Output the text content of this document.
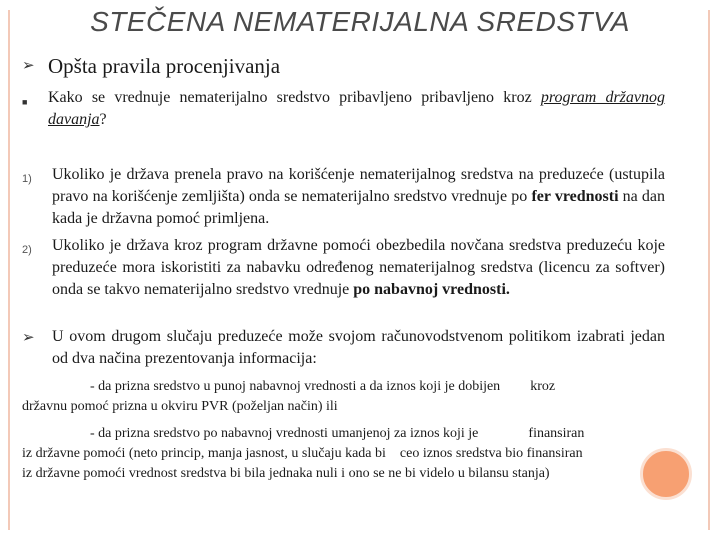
STEČENA NEMATERIJALNA SREDSTVA
➢ Opšta pravila procenjivanja
■ Kako se vrednuje nematerijalno sredstvo pribavljeno pribavljeno kroz program državnog davanja?
1) Ukoliko je država prenela pravo na korišćenje nematerijalnog sredstva na preduzeće (ustupila pravo na korišćenje zemljišta) onda se nematerijalno sredstvo vrednuje po fer vrednosti na dan kada je državna pomoć primljena.
2) Ukoliko je država kroz program državne pomoći obezbedila novčana sredstva preduzeću koje preduzeće mora iskoristiti za nabavku određenog nematerijalnog sredstva (licencu za softver) onda se takvo nematerijalno sredstvo vrednuje po nabavnoj vrednosti.
➢ U ovom drugom slučaju preduzeće može svojom računovodstvenom politikom izabrati jedan od dva načina prezentovanja informacija:
- da prizna sredstvo u punoj nabavnoj vrednosti a da iznos koji je dobijen kroz
državnu pomoć prizna u okviru PVR (poželjan način) ili
- da prizna sredstvo po nabavnoj vrednosti umanjenoj za iznos koji je	finansiran
iz državne pomoći (neto princip, manja jasnost, u slučaju kada bi ceo iznos sredstva bio finansiran
iz državne pomoći vrednost sredstva bi bila jednaka nuli i ono se ne bi videlo u bilansu stanja)
